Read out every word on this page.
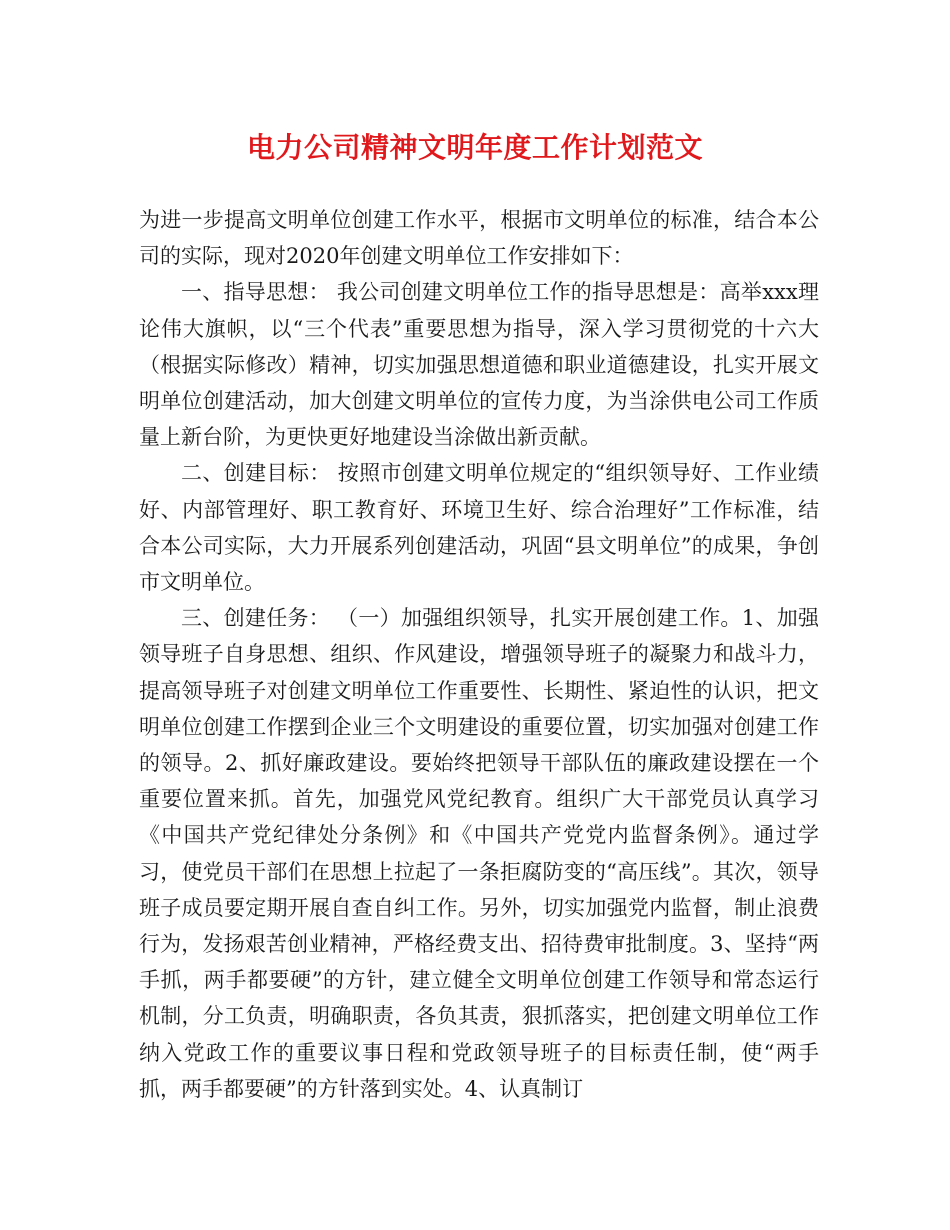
电力公司精神文明年度工作计划范文

为进一步提高文明单位创建工作水平，根据市文明单位的标准，结合本公司的实际，现对2020年创建文明单位工作安排如下：

一、指导思想： 我公司创建文明单位工作的指导思想是：高举xxx理论伟大旗帜，以“三个代表”重要思想为指导，深入学习贯彻党的十六大（根据实际修改）精神，切实加强思想道德和职业道德建设，扎实开展文明单位创建活动，加大创建文明单位的宣传力度，为当涂供电公司工作质量上新台阶，为更快更好地建设当涂做出新贡献。

二、创建目标： 按照市创建文明单位规定的“组织领导好、工作业绩好、内部管理好、职工教育好、环境卫生好、综合治理好”工作标准，结合本公司实际，大力开展系列创建活动，巩固“县文明单位”的成果，争创市文明单位。

三、创建任务： （一）加强组织领导，扎实开展创建工作。1、加强领导班子自身思想、组织、作风建设，增强领导班子的凝聚力和战斗力，提高领导班子对创建文明单位工作重要性、长期性、紧迫性的认识，把文明单位创建工作摆到企业三个文明建设的重要位置，切实加强对创建工作的领导。2、抓好廉政建设。要始终把领导干部队伍的廉政建设摆在一个重要位置来抓。首先，加强党风党纪教育。组织广大干部党员认真学习《中国共产党纪律处分条例》和《中国共产党党内监督条例》。通过学习，使党员干部们在思想上拉起了一条拒腐防变的“高压线”。其次，领导班子成员要定期开展自查自纠工作。另外，切实加强党内监督，制止浪费行为，发扬艰苦创业精神，严格经费支出、招待费审批制度。3、坚持“两手抓，两手都要硬”的方针，建立健全文明单位创建工作领导和常态运行机制，分工负责，明确职责，各负其责，狠抓落实，把创建文明单位工作纳入党政工作的重要议事日程和党政领导班子的目标责任制，使“两手抓，两手都要硬”的方针落到实处。4、认真制订
